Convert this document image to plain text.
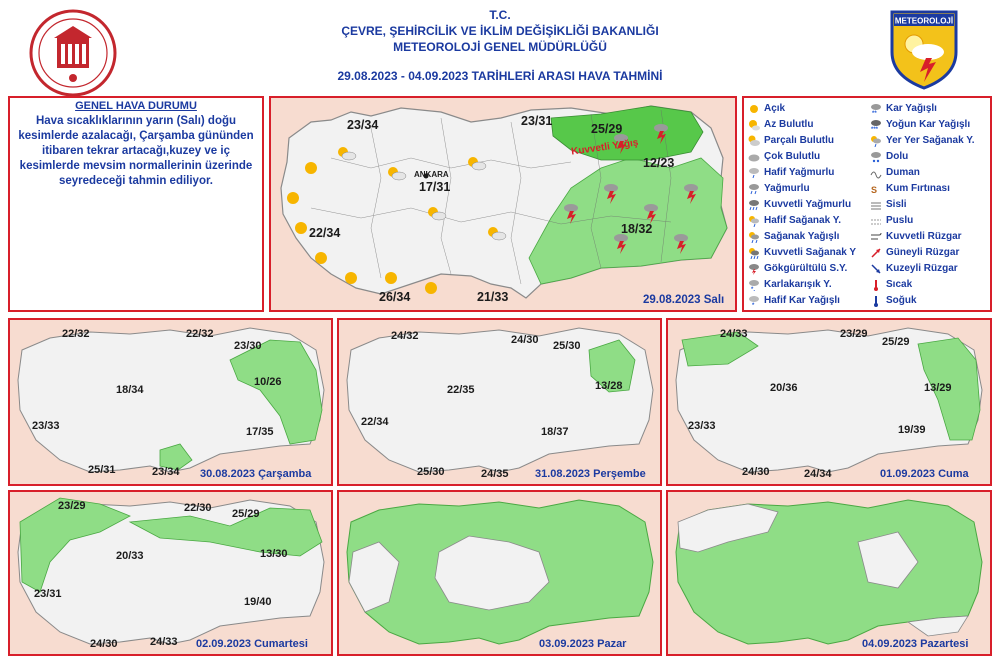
T.C.
ÇEVRE, ŞEHİRCİLİK VE İKLİM DEĞİŞİKLİĞİ BAKANLIĞI
METEOROLOJİ GENEL MÜDÜRLÜĞÜ
29.08.2023 - 04.09.2023 TARİHLERİ ARASI HAVA TAHMİNİ
METEOROLOJİ
GENEL HAVA DURUMU
Hava sıcaklıklarının yarın (Salı) doğu kesimlerde azalacağı, Çarşamba gününden itibaren tekrar artacağı,kuzey ve iç kesimlerde mevsim normallerinin üzerinde seyredeceği tahmin ediliyor.
Kuvvetli Yağış
ANKARA
23/34	23/31
25/29
12/23
17/31
22/34	18/32
26/34	21/33	29.08.2023 Salı
Açık
Az Bulutlu
Parçalı Bulutlu
Çok Bulutlu
Hafif Yağmurlu
Yağmurlu
Kuvvetli Yağmurlu
Hafif Sağanak Y.
Sağanak Yağışlı
Kuvvetli Sağanak Y
Gökgürültülü S.Y.
*, Karlakarışık Y.
* Hafif Kar Yağışlı
** Kar Yağışlı
*** Yoğun Kar Yağışlı
Yer Yer Sağanak Y.
Dolu
Duman
S Kum Fırtınası
Sisli
Puslu
Kuvvetli Rüzgar
Güneyli Rüzgar
Kuzeyli Rüzgar
Sıcak
Soğuk
22/32	22/32
23/30
18/34
10/26
23/33	17/35
25/31	23/34 30.08.2023 Çarşamba
24/32	24/30 25/30
22/35	13/28
22/34
18/37
25/30	24/35 31.08.2023 Perşembe
24/33	23/29
25/29
20/36	13/29
23/33	19/39
24/30	24/34	01.09.2023 Cuma
23/29	22/30 25/29
20/33	13/30
23/31
19/40
24/30	24/33 02.09.2023 Cumartesi	03.09.2023 Pazar	04.09.2023 Pazartesi
